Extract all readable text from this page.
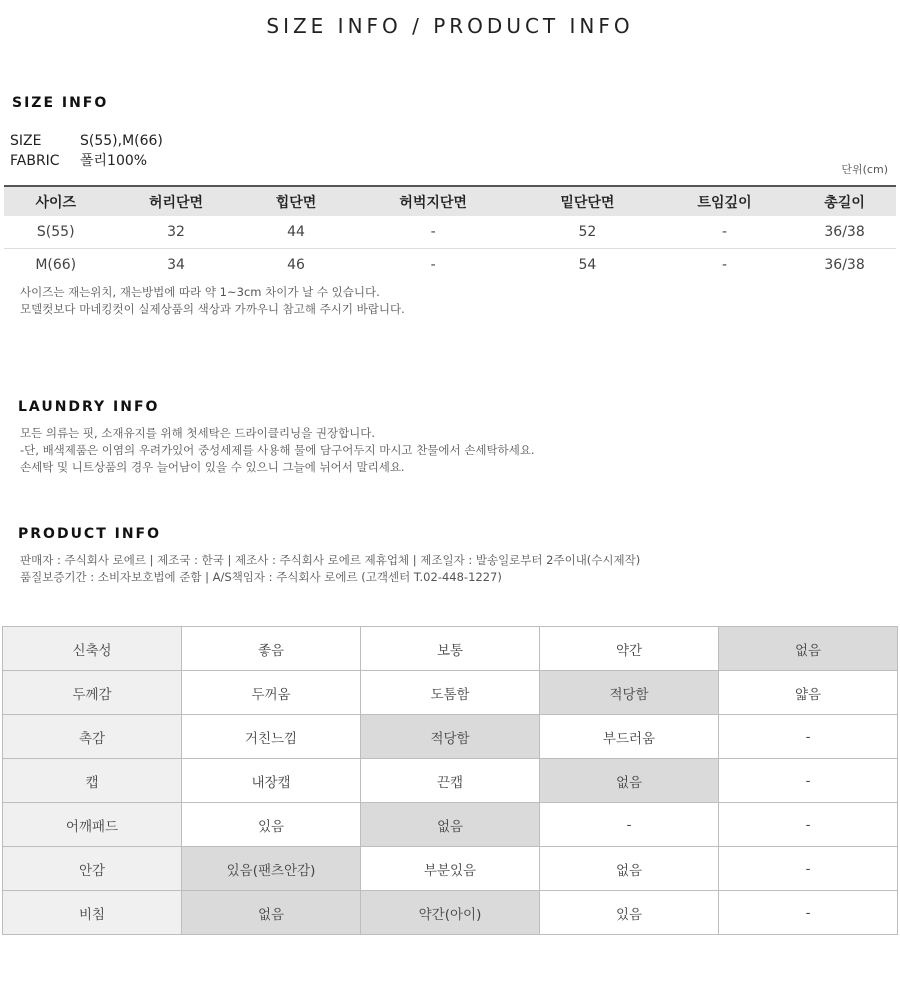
SIZE INFO / PRODUCT INFO
SIZE INFO
SIZE	S(55),M(66)
FABRIC 폴리100%
단위(cm)
사이즈	허리단면	힙단면	허벅지단면	밑단단면	트임깊이	총길이
S(55)	32	44	-	52	-	36/38
M(66)	34	46	-	54	-	36/38
사이즈는 재는위치, 재는방법에 따라 약 1~3cm 차이가 날 수 있습니다.
모델컷보다 마네킹컷이 실제상품의 색상과 가까우니 참고해 주시기 바랍니다.
LAUNDRY INFO
모든 의류는 핏, 소재유지를 위해 첫세탁은 드라이클리닝을 권장합니다.
-단, 배색제품은 이염의 우려가있어 중성세제를 사용해 물에 담구어두지 마시고 찬물에서 손세탁하세요.
손세탁 및 니트상품의 경우 늘어남이 있을 수 있으니 그늘에 뉘어서 말리세요.
PRODUCT INFO
판매자 : 주식회사 로에르 | 제조국 : 한국 | 제조사 : 주식회사 로에르 제휴업체 | 제조일자 : 발송일로부터 2주이내(수시제작)
품질보증기간 : 소비자보호법에 준함 | A/S책임자 : 주식회사 로에르 (고객센터 T.02-448-1227)
신축성	좋음	보통	약간	없음
두께감	두꺼움	도톰함	적당함	얇음
촉감	거친느낌	적당함	부드러움	-
캡	내장캡	끈캡	없음	-
어깨패드	있음	없음	-	-
안감	있음(팬츠안감)	부분있음	없음	-
비침	없음	약간(아이)	있음	-
